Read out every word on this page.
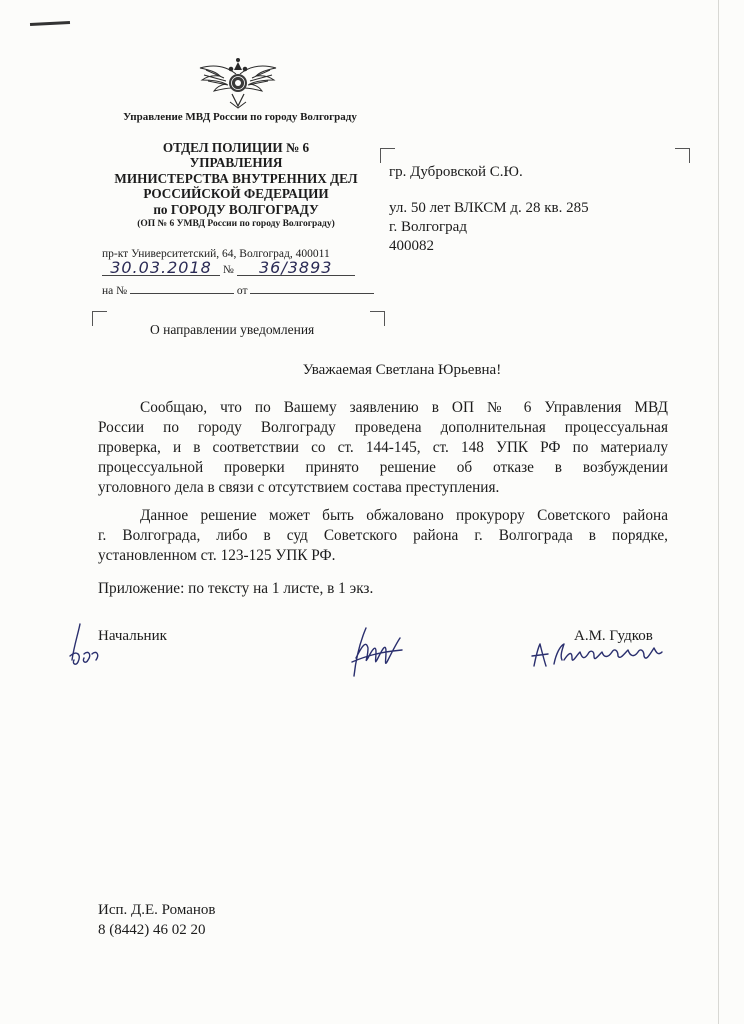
Управление МВД России по городу Волгограду
ОТДЕЛ ПОЛИЦИИ № 6
УПРАВЛЕНИЯ
МИНИСТЕРСТВА ВНУТРЕННИХ ДЕЛ
РОССИЙСКОЙ ФЕДЕРАЦИИ
по ГОРОДУ ВОЛГОГРАДУ
(ОП № 6 УМВД России по городу Волгограду)
пр-кт Университетский, 64, Волгоград, 400011
30.03.2018 № 36/3893
на №	от
гр. Дубровской С.Ю.
ул. 50 лет ВЛКСМ д. 28 кв. 285
г. Волгоград
400082
О направлении уведомления
Уважаемая Светлана Юрьевна!
Сообщаю, что по Вашему заявлению в ОП № 6 Управления МВД
России по городу Волгограду проведена дополнительная процессуальная
проверка, и в соответствии со ст. 144-145, ст. 148 УПК РФ по материалу
процессуальной проверки принято решение об отказе в возбуждении
уголовного дела в связи с отсутствием состава преступления.
Данное решение может быть обжаловано прокурору Советского района
г. Волгограда, либо в суд Советского района г. Волгограда в порядке,
установленном ст. 123-125 УПК РФ.
Приложение: по тексту на 1 листе, в 1 экз.
Начальник	А.М. Гудков
Исп. Д.Е. Романов
8 (8442) 46 02 20
